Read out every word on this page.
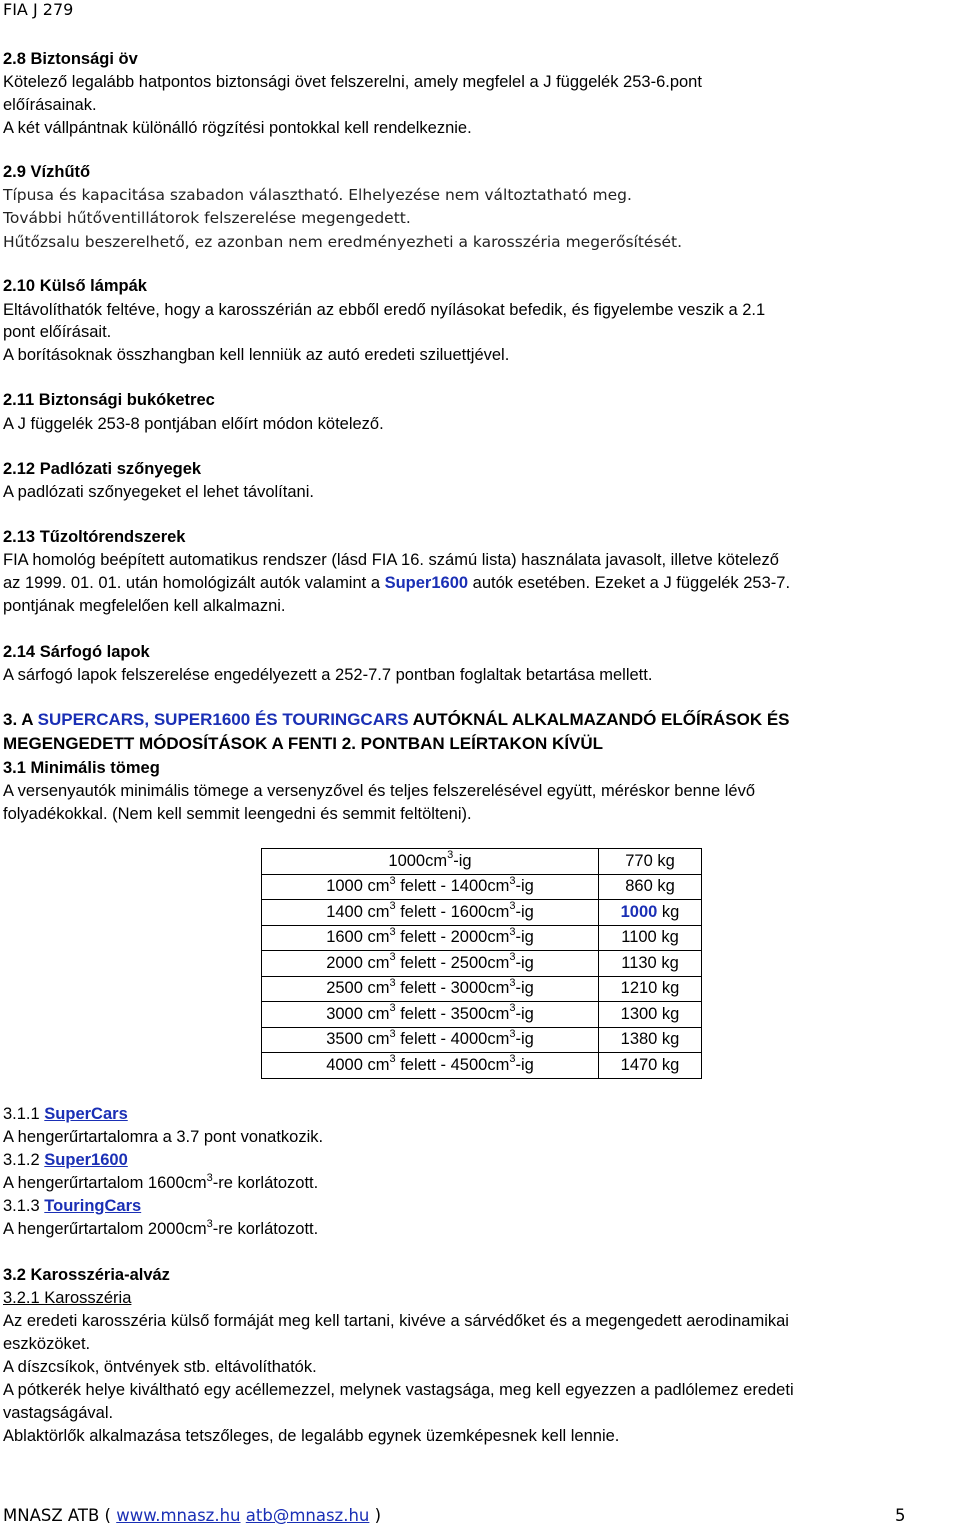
FIA J 279
2.8 Biztonsági öv
Kötelező legalább hatpontos biztonsági övet felszerelni, amely megfelel a J függelék 253-6.pont
előírásainak.
A két vállpántnak különálló rögzítési pontokkal kell rendelkeznie.
2.9 Vízhűtő
Típusa és kapacitása szabadon választható. Elhelyezése nem változtatható meg.
További hűtőventillátorok felszerelése megengedett.
Hűtőzsalu beszerelhető, ez azonban nem eredményezheti a karosszéria megerősítését.
2.10 Külső lámpák
Eltávolíthatók feltéve, hogy a karosszérián az ebből eredő nyílásokat befedik, és figyelembe veszik a 2.1
pont előírásait.
A borításoknak összhangban kell lenniük az autó eredeti sziluettjével.
2.11 Biztonsági bukóketrec
A J függelék 253-8 pontjában előírt módon kötelező.
2.12 Padlózati szőnyegek
A padlózati szőnyegeket el lehet távolítani.
2.13 Tűzoltórendszerek
FIA homológ beépített automatikus rendszer (lásd FIA 16. számú lista) használata javasolt, illetve kötelező
az 1999. 01. 01. után homológizált autók valamint a Super1600 autók esetében. Ezeket a J függelék 253-7.
pontjának megfelelően kell alkalmazni.
2.14 Sárfogó lapok
A sárfogó lapok felszerelése engedélyezett a 252-7.7 pontban foglaltak betartása mellett.
3. A SUPERCARS, SUPER1600 ÉS TOURINGCARS AUTÓKNÁL ALKALMAZANDÓ ELŐÍRÁSOK ÉS
MEGENGEDETT MÓDOSÍTÁSOK A FENTI 2. PONTBAN LEÍRTAKON KÍVÜL
3.1 Minimális tömeg
A versenyautók minimális tömege a versenyzővel és teljes felszerelésével együtt, méréskor benne lévő
folyadékokkal. (Nem kell semmit leengedni és semmit feltölteni).
$1000cm^3-ig$	770 kg
1000 $cm^3$ felett - $1400cm^3-ig$	860 kg
1400 $cm^3$ felett - $1600cm^3-ig$	1000 kg
1600 $cm^3$ felett - $2000cm^3-ig$	1100 kg
2000 $cm^3$ felett - $2500cm^3-ig$	1130 kg
2500 $cm^3$ felett - $3000cm^3-ig$	1210 kg
3000 $cm^3$ felett - $3500cm^3-ig$	1300 kg
3500 $cm^3$ felett - $4000cm^3-ig$	1380 kg
4000 $cm^3$ felett - $4500cm^3-ig$	1470 kg
3.1.1 SuperCars
A hengerűrtartalomra a 3.7 pont vonatkozik.
3.1.2 Super1600
A hengerűrtartalom $1600cm^3-re$ korlátozott.
3.1.3 TouringCars
A hengerűrtartalom $2000cm^3-re$ korlátozott.
3.2 Karosszéria-alváz
3.2.1 Karosszéria
Az eredeti karosszéria külső formáját meg kell tartani, kivéve a sárvédőket és a megengedett aerodinamikai
eszközöket.
A díszcsíkok, öntvények stb. eltávolíthatók.
A pótkerék helye kiváltható egy acéllemezzel, melynek vastagsága, meg kell egyezzen a padlólemez eredeti
vastagságával.
Ablaktörlők alkalmazása tetszőleges, de legalább egynek üzemképesnek kell lennie.
MNASZ ATB ( www.mnasz.hu atb@mnasz.hu )	5
